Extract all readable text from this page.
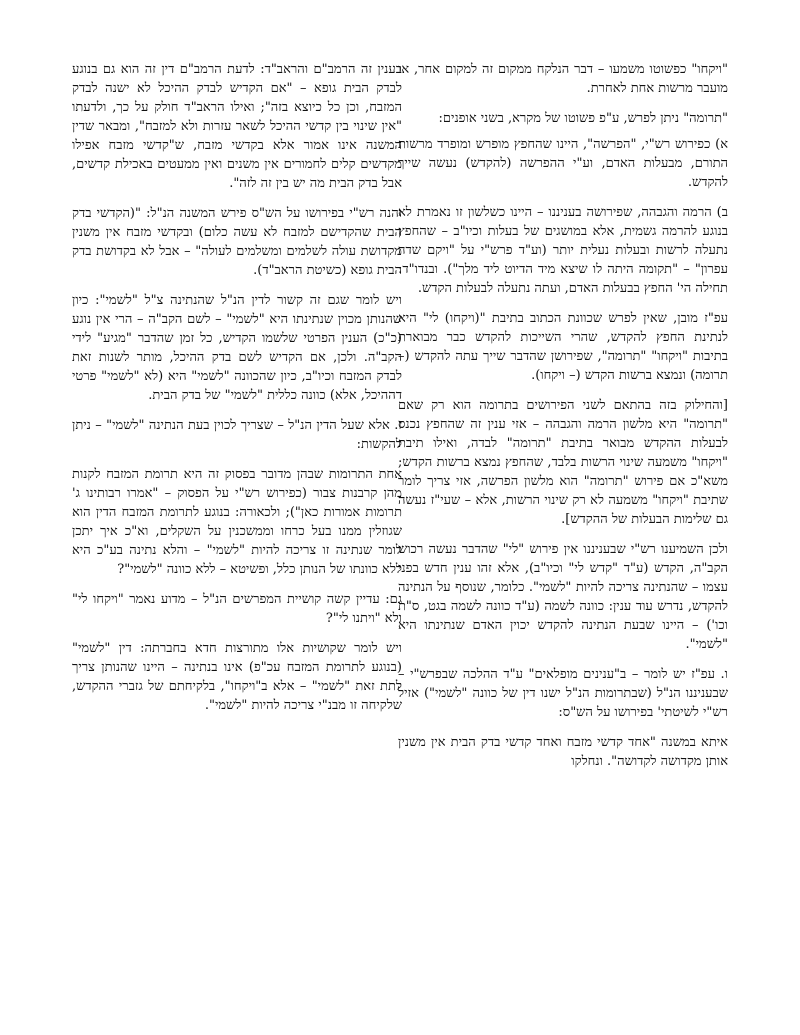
"ויקחו" כפשוטו משמעו – דבר הנלקח ממקום זה למקום אחר, או מועבר מרשות אחת לאחרת.

"תרומה" ניתן לפרש, ע"פ פשוטו של מקרא, בשני אופנים:

א) כפירוש רש"י, "הפרשה", היינו שהחפץ מופרש ומופרד מרשות התורם, מבעלות האדם, וע"י ההפרשה (להקדש) נעשה שייך להקדש.

ב) הרמה והגבהה, שפירושה בעניננו – היינו כשלשון זו נאמרת לא בנוגע להרמה גשמית, אלא במושגים של בעלות וכיו"ב – שהחפץ נתעלה לרשות ובעלות נעלית יותר (וע"ד פרש"י על "ויקם שדה עפרון" – "תקומה היתה לו שיצא מיד הדיוט ליד מלך"). ובנדו"ד: תחילה הי' החפץ בבעלות האדם, ועתה נתעלה לבעלות הקדש.

עפ"ז מובן, שאין לפרש שכוונת הכתוב בתיבת "(ויקחו) לי" היא לנתינת החפץ להקדש, שהרי השייכות להקדש כבר מבוארת בתיבות "ויקחו" "תרומה", שפירושן שהדבר שייך עתה להקדש (– תרומה) ונמצא ברשות הקדש (– ויקחו).

[והחילוק בזה בהתאם לשני הפירושים בתרומה הוא רק שאם "תרומה" היא מלשון הרמה והגבהה – אזי ענין זה שהחפץ נכנס לבעלות ההקדש מבואר בתיבת "תרומה" לבדה, ואילו תיבת "ויקחו" משמעה שינוי הרשות בלבד, שהחפץ נמצא ברשות הקדש; משא"כ אם פירוש "תרומה" הוא מלשון הפרשה, אזי צריך לומר שתיבת "ויקחו" משמעה לא רק שינוי הרשות, אלא – שעי"ז נעשה גם שלימות הבעלות של ההקדש].

ולכן השמיענו רש"י שבעניננו אין פירוש "לי" שהדבר נעשה רכוש הקב"ה, הקדש (ע"ד "קדש לי" וכיו"ב), אלא זהו ענין חדש בפני עצמו – שהנתינה צריכה להיות "לשמי". כלומר, שנוסף על הנתינה להקדש, נדרש עוד ענין: כוונה לשמה (ע"ד כוונה לשמה בגט, ס"ת וכו') – היינו שבעת הנתינה להקדש יכוין האדם שנתינתו היא "לשמי".

ו. עפ"ז יש לומר – ב"ענינים מופלאים" ע"ד ההלכה שבפרש"י – שבעניננו הנ"ל (שבתרומות הנ"ל ישנו דין של כוונה "לשמי") אזיל רש"י לשיטתי' בפירושו על הש"ס:

איתא במשנה "אחד קדשי מזבח ואחד קדשי בדק הבית אין משנין אותן מקדושה לקדושה". ונחלקו

בענין זה הרמב"ם והראב"ד: לדעת הרמב"ם דין זה הוא גם בנוגע לבדק הבית גופא – "אם הקדיש לבדק ההיכל לא ישנה לבדק המזבח, וכן כל כיוצא בזה"; ואילו הראב"ד חולק על כך, ולדעתו "אין שינוי בין קדשי ההיכל לשאר עזרות ולא למזבח", ומבאר שדין המשנה אינו אמור אלא בקדשי מזבח, ש"קדשי מזבח אפילו מקדשים קלים לחמורים אין משנים ואין ממעטים באכילת קדשים, אבל בדק הבית מה יש בין זה לזה".

והנה רש"י בפירושו על הש"ס פירש המשנה הנ"ל: "(הקדשי בדק הבית שהקדישם למזבח לא עשה כלום) ובקדשי מזבח אין משנין מקדושת עולה לשלמים ומשלמים לעולה" – אבל לא בקדושת בדק הבית גופא (כשיטת הראב"ד).

ויש לומר שגם זה קשור לדין הנ"ל שהנתינה צ"ל "לשמי": כיון שהנותן מכוין שנתינתו היא "לשמי" – לשם הקב"ה – הרי אין נוגע (כ"כ) הענין הפרטי שלשמו הקדיש, כל זמן שהדבר "מגיע" לידי הקב"ה. ולכן, אם הקדיש לשם בדק ההיכל, מותר לשנות זאת לבדק המזבח וכיו"ב, כיון שהכוונה "לשמי" היא (לא "לשמי" פרטי דההיכל, אלא) כוונה כללית "לשמי" של בדק הבית.

ז. אלא שעל הדין הנ"ל – שצריך לכוין בעת הנתינה "לשמי" – ניתן להקשות:

אחת התרומות שבהן מדובר בפסוק זה היא תרומת המזבח לקנות מהן קרבנות צבור (כפירוש רש"י על הפסוק – "אמרו רבותינו ג' תרומות אמורות כאן"); ולכאורה: בנוגע לתרומת המזבח הדין הוא שגוזלין ממנו בעל כרחו וממשכנין על השקלים, וא"כ איך יתכן לומר שנתינה זו צריכה להיות "לשמי" – והלא נתינה בע"כ היא ללא כוונתו של הנותן כלל, ופשיטא – ללא כוונה "לשמי"?

גם: עדיין קשה קושיית המפרשים הנ"ל – מדוע נאמר "ויקחו לי" ולא "ויתנו לי"?

ויש לומר שקושיות אלו מתורצות חדא בחברתה: דין "לשמי" (בנוגע לתרומת המזבח עכ"פ) אינו בנתינה – היינו שהנותן צריך לתת זאת "לשמי" – אלא ב"ויקחו", בלקיחתם של גזברי ההקדש, שלקיחה זו מבנ"י צריכה להיות "לשמי".
